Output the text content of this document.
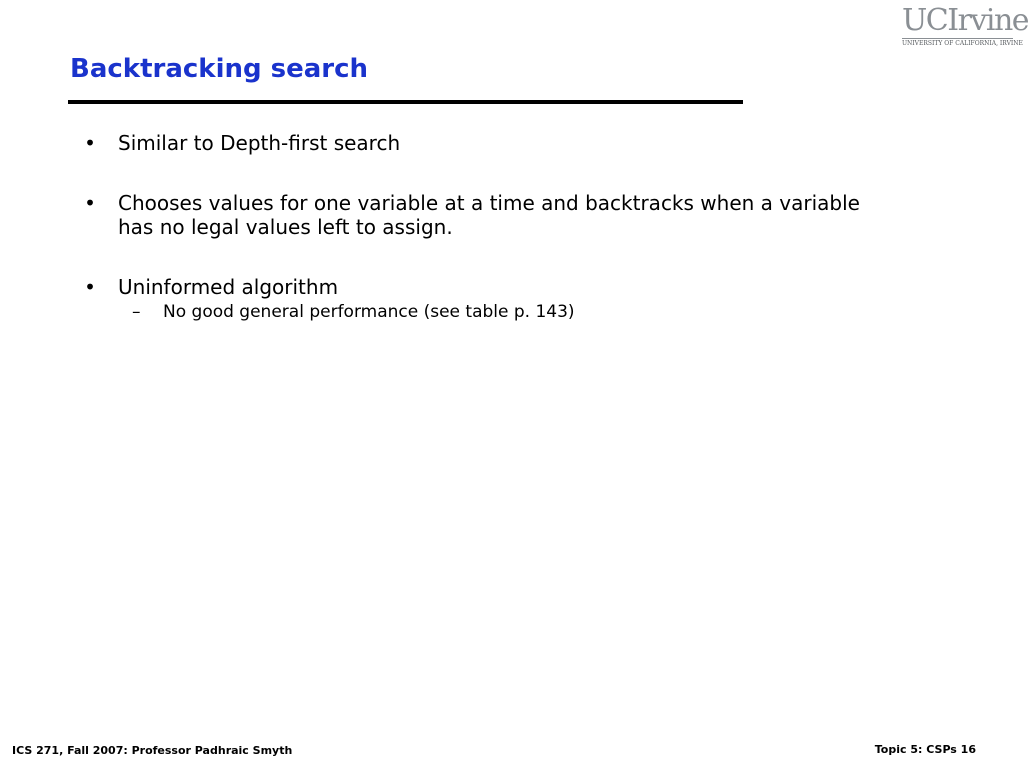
UCIrvine
UNIVERSITY OF CALIFORNIA, IRVINE
Backtracking search
• Similar to Depth-first search
• Chooses values for one variable at a time and backtracks when a variable has no legal values left to assign.
• Uninformed algorithm
– No good general performance (see table p. 143)
ICS 271, Fall 2007: Professor Padhraic Smyth	Topic 5: CSPs 16
